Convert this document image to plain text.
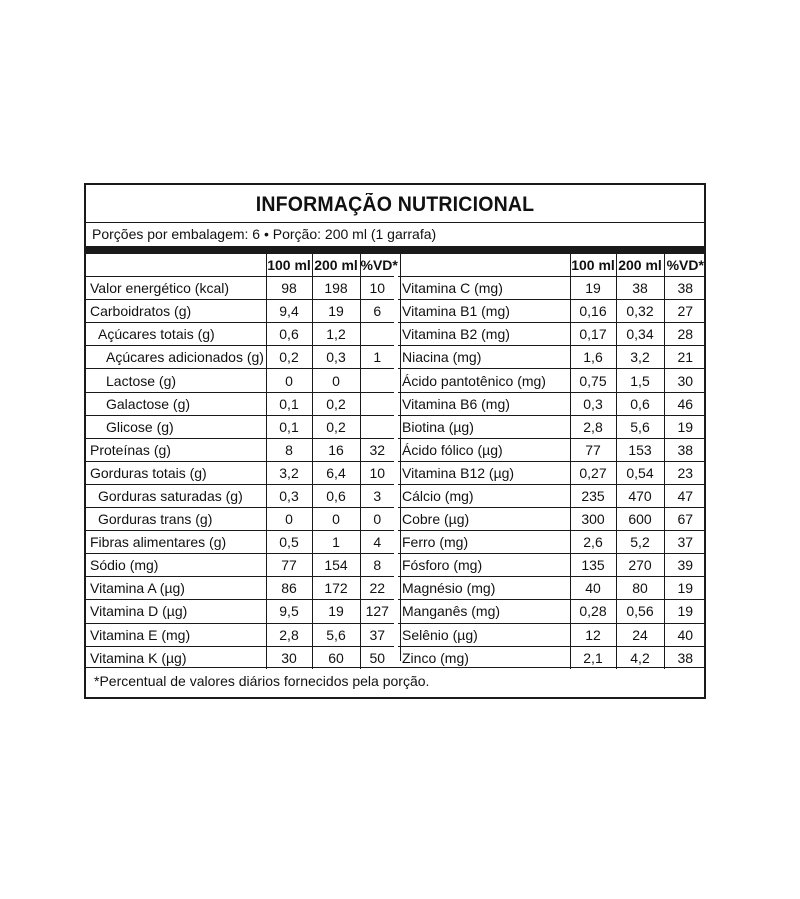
INFORMAÇÃO NUTRICIONAL
Porções por embalagem: 6 • Porção: 200 ml (1 garrafa)
	100 ml	200 ml	%VD*
Valor energético (kcal)	98	198	10
Carboidratos (g)	9,4	19	6
Açúcares totais (g)	0,6	1,2	
Açúcares adicionados (g)	0,2	0,3	1
Lactose (g)	0	0	
Galactose (g)	0,1	0,2	
Glicose (g)	0,1	0,2	
Proteínas (g)	8	16	32
Gorduras totais (g)	3,2	6,4	10
Gorduras saturadas (g)	0,3	0,6	3
Gorduras trans (g)	0	0	0
Fibras alimentares (g)	0,5	1	4
Sódio (mg)	77	154	8
Vitamina A (µg)	86	172	22
Vitamina D (µg)	9,5	19	127
Vitamina E (mg)	2,8	5,6	37
Vitamina K (µg)	30	60	50
	100 ml	200 ml	%VD*
Vitamina C (mg)	19	38	38
Vitamina B1 (mg)	0,16	0,32	27
Vitamina B2 (mg)	0,17	0,34	28
Niacina (mg)	1,6	3,2	21
Ácido pantotênico (mg)	0,75	1,5	30
Vitamina B6 (mg)	0,3	0,6	46
Biotina (µg)	2,8	5,6	19
Ácido fólico (µg)	77	153	38
Vitamina B12 (µg)	0,27	0,54	23
Cálcio (mg)	235	470	47
Cobre (µg)	300	600	67
Ferro (mg)	2,6	5,2	37
Fósforo (mg)	135	270	39
Magnésio (mg)	40	80	19
Manganês (mg)	0,28	0,56	19
Selênio (µg)	12	24	40
Zinco (mg)	2,1	4,2	38
*Percentual de valores diários fornecidos pela porção.
